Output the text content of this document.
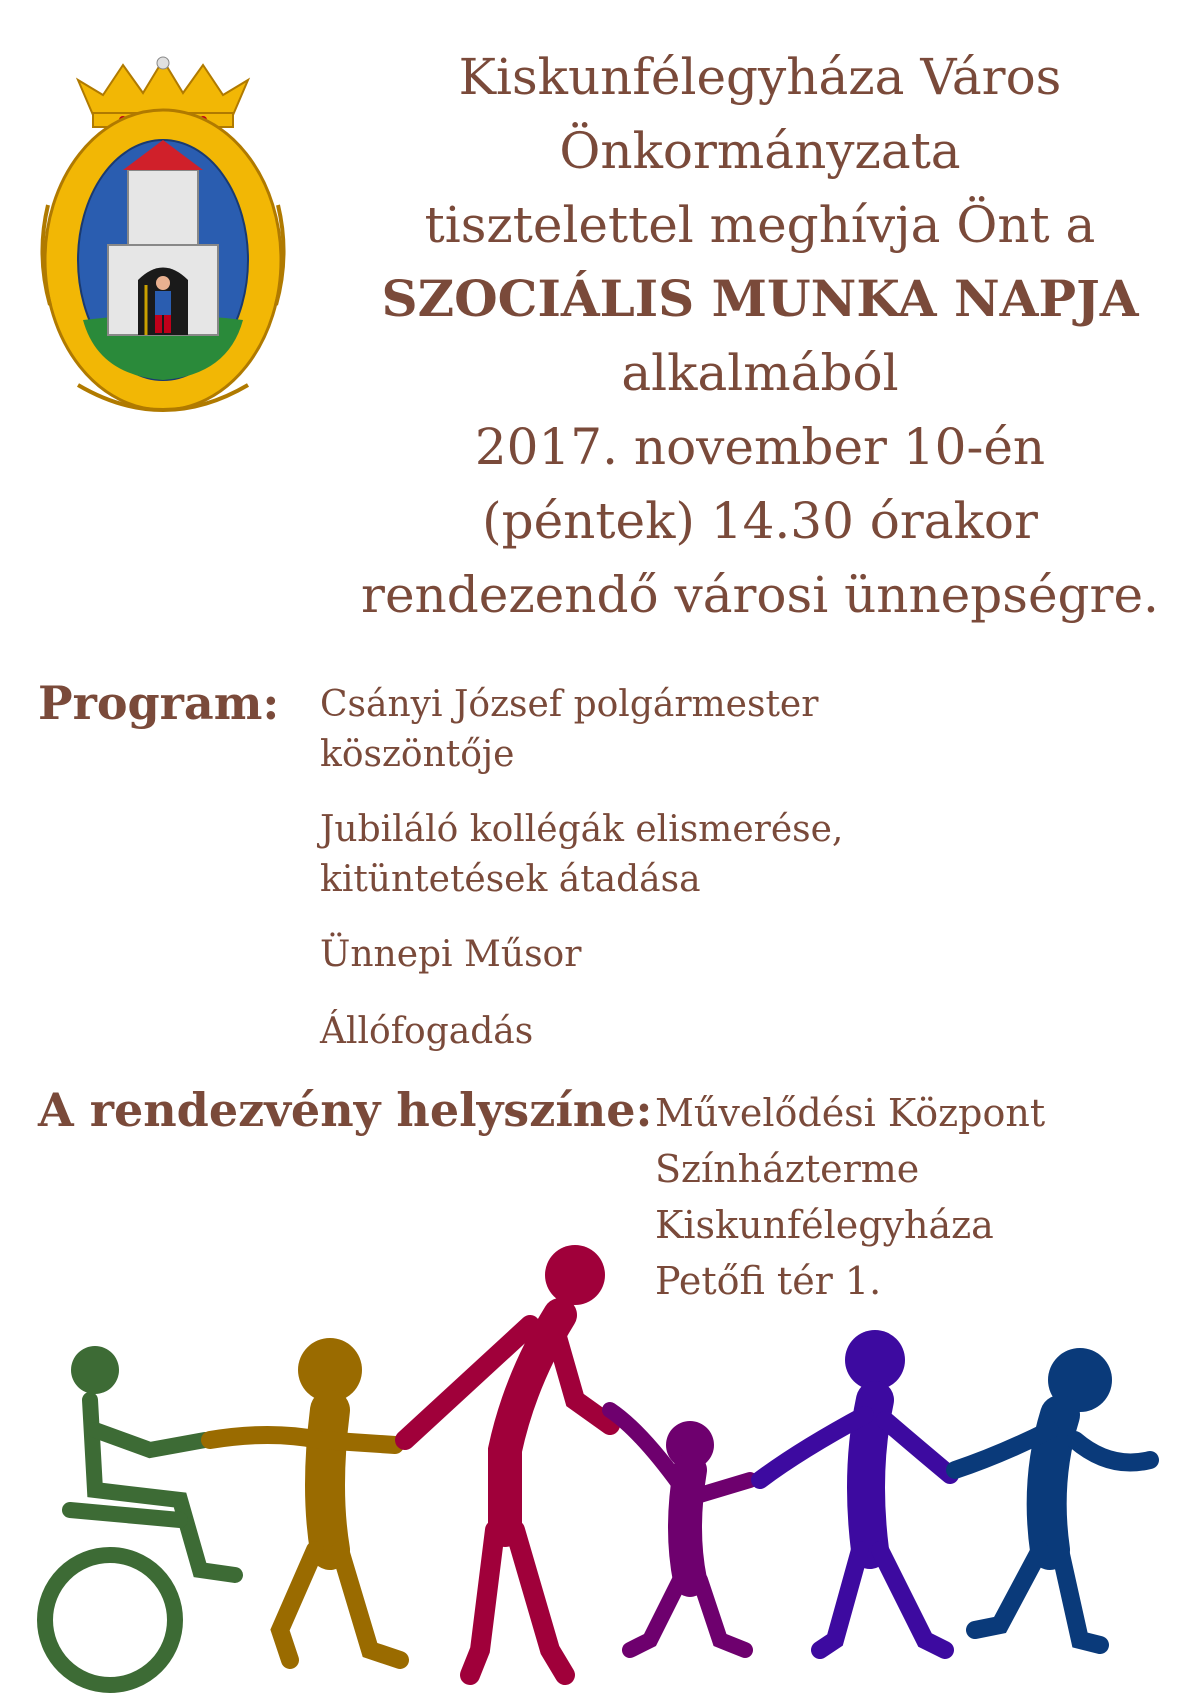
Kiskunfélegyháza Város
Önkormányzata
tisztelettel meghívja Önt a
SZOCIÁLIS MUNKA NAPJA
alkalmából
2017. november 10-én
(péntek) 14.30 órakor
rendezendő városi ünnepségre.
Program: Csányi József polgármester
köszöntője
Jubiláló kollégák elismerése,
kitüntetések átadása
Ünnepi Műsor
Állófogadás
A rendezvény helyszíne: Művelődési Központ
Színházterme
Kiskunfélegyháza
Petőfi tér 1.
